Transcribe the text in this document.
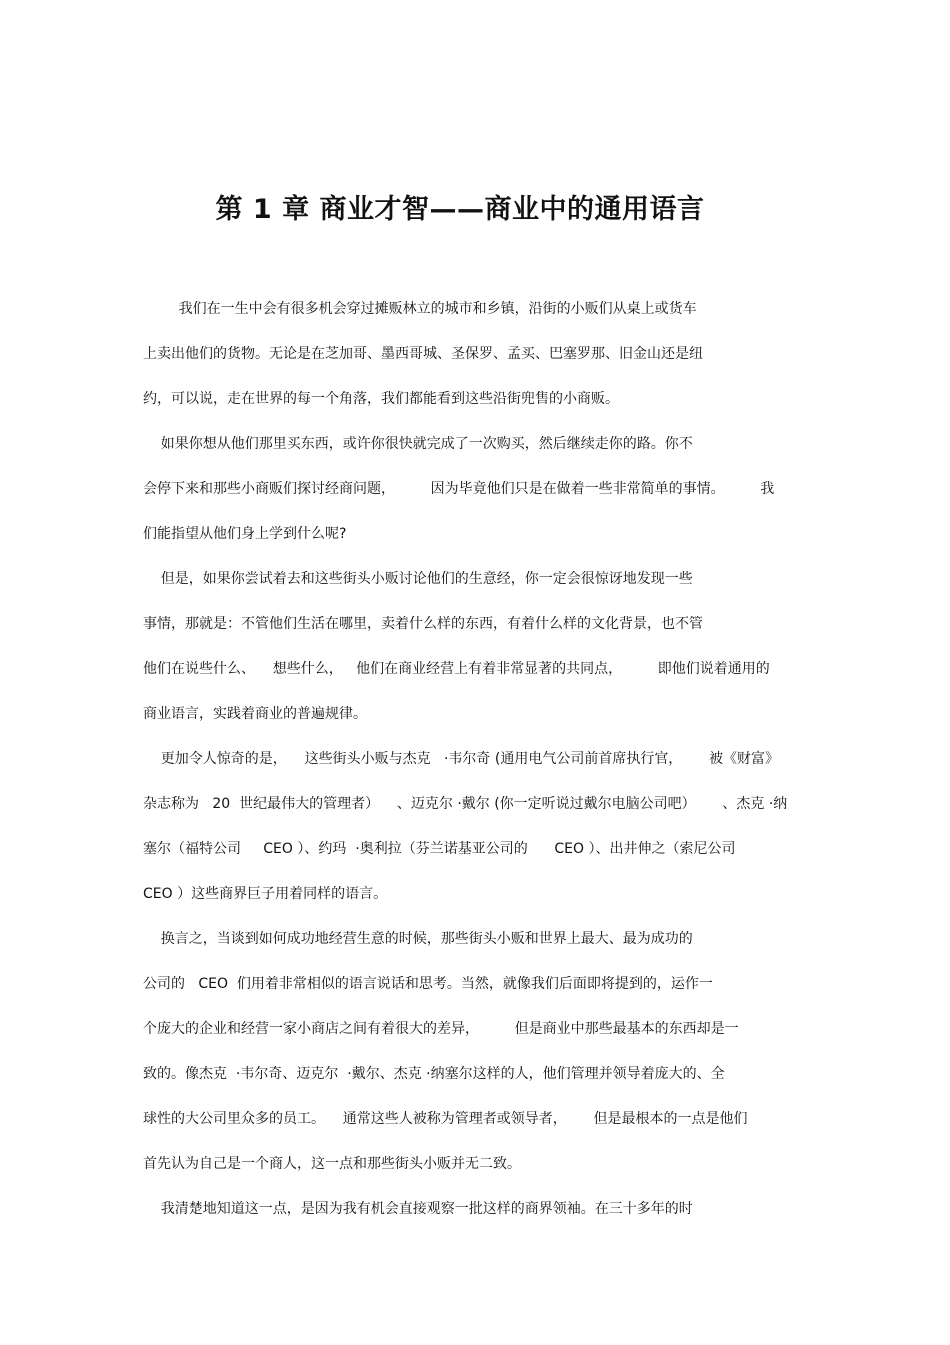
第 1 章 商业才智——商业中的通用语言
我们在一生中会有很多机会穿过摊贩林立的城市和乡镇，沿街的小贩们从桌上或货车
上卖出他们的货物。无论是在芝加哥、墨西哥城、圣保罗、孟买、巴塞罗那、旧金山还是纽
约，可以说，走在世界的每一个角落，我们都能看到这些沿街兜售的小商贩。
如果你想从他们那里买东西，或许你很快就完成了一次购买，然后继续走你的路。你不
会停下来和那些小商贩们探讨经商问题，        因为毕竟他们只是在做着一些非常简单的事情。        我
们能指望从他们身上学到什么呢?
但是，如果你尝试着去和这些街头小贩讨论他们的生意经，你一定会很惊讶地发现一些
事情，那就是：不管他们生活在哪里，卖着什么样的东西，有着什么样的文化背景，也不管
他们在说些什么、    想些什么，   他们在商业经营上有着非常显著的共同点，        即他们说着通用的
商业语言，实践着商业的普遍规律。
更加令人惊奇的是，    这些街头小贩与杰克   ·韦尔奇 (通用电气公司前首席执行官，      被《财富》
杂志称为   20  世纪最伟大的管理者）    、迈克尔 ·戴尔 (你一定听说过戴尔电脑公司吧）      、杰克 ·纳
塞尔（福特公司     CEO ）、约玛  ·奥利拉（芬兰诺基亚公司的      CEO ）、出井伸之（索尼公司
CEO ）这些商界巨子用着同样的语言。
换言之，当谈到如何成功地经营生意的时候，那些街头小贩和世界上最大、最为成功的
公司的   CEO  们用着非常相似的语言说话和思考。当然，就像我们后面即将提到的，运作一
个庞大的企业和经营一家小商店之间有着很大的差异，        但是商业中那些最基本的东西却是一
致的。像杰克  ·韦尔奇、迈克尔  ·戴尔、杰克 ·纳塞尔这样的人，他们管理并领导着庞大的、全
球性的大公司里众多的员工。    通常这些人被称为管理者或领导者，      但是最根本的一点是他们
首先认为自己是一个商人，这一点和那些街头小贩并无二致。
我清楚地知道这一点，是因为我有机会直接观察一批这样的商界领袖。在三十多年的时
